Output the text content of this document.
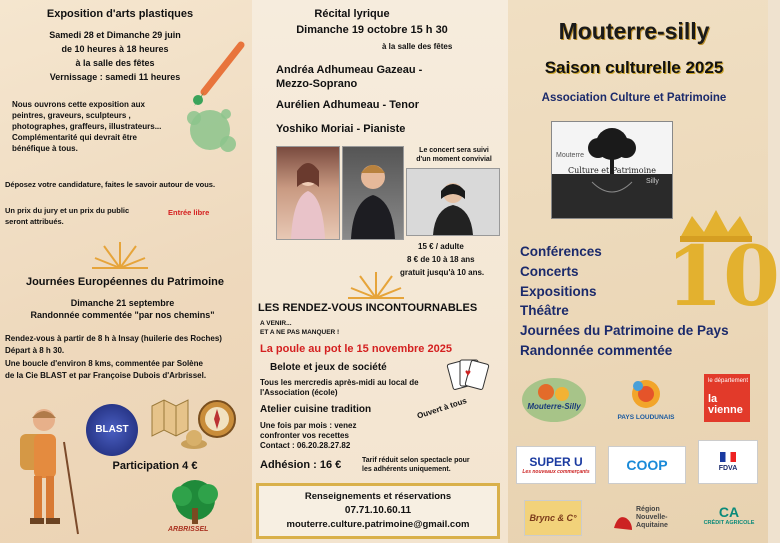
Exposition d'arts plastiques
Samedi 28 et Dimanche 29 juin
de 10 heures à 18 heures
à la salle des fêtes
Vernissage : samedi 11 heures
Nous ouvrons cette exposition aux
peintres, graveurs, sculpteurs ,
photographes, graffeurs, illustrateurs...
Complémentarité qui devrait être
bénéfique à tous.
Déposez votre candidature, faites le savoir autour de vous.
Un prix du jury et un prix du public
seront attribués.
Entrée libre
Journées Européennes du Patrimoine
Dimanche 21 septembre
Randonnée commentée "par nos chemins"
Rendez-vous à partir de 8 h à Insay (huilerie des Roches)
Départ à 8 h 30.
Une boucle d'environ 8 kms, commentée par Solène
de la Cie BLAST et par Françoise Dubois d'Arbrissel.
BLAST
Participation 4 €
ARBRISSEL
Récital lyrique
Dimanche 19 octobre 15 h 30
à la salle des fêtes
Andréa Adhumeau Gazeau -
Mezzo-Soprano
Aurélien Adhumeau - Tenor
Yoshiko Moriai - Pianiste
Le concert sera suivi
d'un moment convivial
15 € / adulte
8 € de 10 à 18 ans
gratuit jusqu'à 10 ans.
LES RENDEZ-VOUS INCONTOURNABLES
A VENIR...
ET A NE PAS MANQUER !
La poule au pot le 15 novembre 2025
Belote et jeux de société
Tous les mercredis après-midi au local de
l'Association (école)
♥
Atelier cuisine tradition	Ouvert à tous
Une fois par mois : venez
confronter vos recettes
Contact : 06.20.28.27.82
Adhésion : 16 €	Tarif réduit selon spectacle pour
les adhérents uniquement.
Renseignements et réservations
07.71.10.60.11
mouterre.culture.patrimoine@gmail.com
Mouterre-silly
Saison culturelle 2025
Association Culture et Patrimoine
Mouterre
Culture et Patrimoine
Silly
10
Conférences
Concerts
Expositions
Théâtre
Journées du Patrimoine de Pays
Randonnée commentée
Mouterre-Silly
PAYS LOUDUNAIS
le département
la vienne
SUPER U
Les nouveaux commerçants	COOP	FDVA
Brync & C°
Région
Nouvelle-
Aquitaine
CA
CRÉDIT AGRICOLE
